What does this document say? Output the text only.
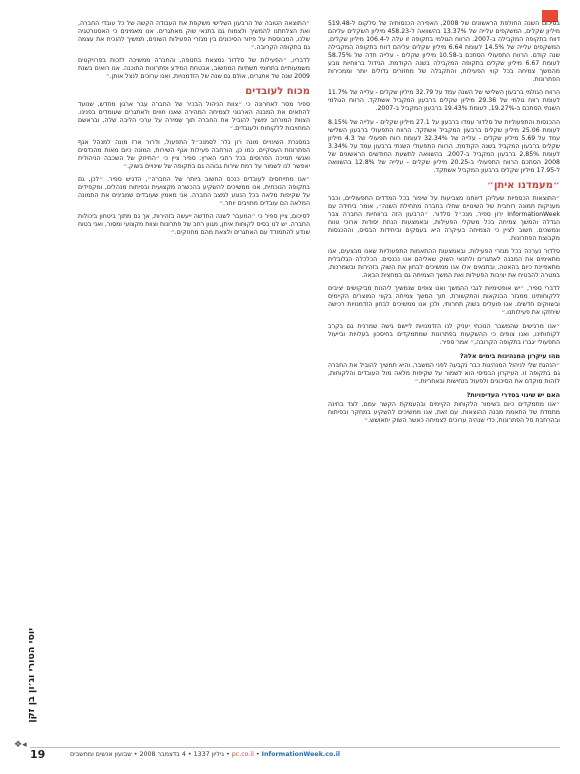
בסיכום השנה החולפת הראשונים של 2008, האפירה הכנסותיה של סלקום ל-519.48 מיליון שקלים, המשקפים עלייה של 13.37% בהשוואה ל-458.23 מיליון השקלים עליהם דווח בתקופה המקבילה ב-2007. הרווח הגולמי בתקופה זו עלה ל-106.4 מיליון שקלים, המשקפים עלייה של 14.5% לעומת 6.64 מיליון שקלים עליהם דווח בתקופה המקבילה שנה קודם. הרווח התפעולי הסתכם ב-10.58 מיליון שקלים - עלייה חדה של 58.75% לעומת 6.67 מיליון שקלים בתקופה המקבילה בשנה הקודמת. הגידול ברווחיות נובע מהמשך צמיחה בכל קווי הפעילות, והתקבלה של מחזורים גדולים יותר וממכירות הפתרונות.

הרווח הגולמי ברבעון השלישי של השנה עמד על 32.79 מיליון שקלים - עלייה של 11.7% לעומת רווח גולמי של 29.36 מיליון שקלים ברבעון המקביל אשתקד. הרווח הגולמי השנתי הסתכם ב-19.27%, לעומת 19.43% ברבעון המקביל ב-2007.

ההכנסות והתפעוליות של סלדור עמדו ברבעון על 27.1 מיליון שקלים - עלייה של 8.15% לעומת 25.06 מיליון שקלים ברבעון המקביל אשתקד. הרווח התפעולי ברבעון השלישי עמד על 5.69 מיליון שקלים - עלייה של 32.34% לעומת רווח תפעולי של 4.3 מיליון שקלים ברבעון המקביל בשנה הקודמת. הרווח התפעולי השנתי ברבעון עמד על 3.34% לעומת 2.85% ברבעון המקביל ב-2007. בהשוואה לתשעת החודשים הראשונים של 2008 הסתכם הרווח התפעולי ב-20.25 מיליון שקלים - עלייה של 12.8% בהשוואה ל-17.95 מיליון שקלים ברבעון המקביל אשתקד.

״מעמדנו איתן״

״התוצאות הכספיות שעליהן דיווחנו מצביעות על שיפור בכל המדדים התפעוליים, וכבר מעניקות תמונה רוחבית של השינויים שחלו בחברה מתחילת השנה״, אומר ביחידה עם InformationWeek ירון ספיר, מנכ״ל סלדור. ״הרבעון הזה ברווחיות החברה צבר הגדלה והמשך צמיחה בכל משקלי הפעילות, ובאמצעות הנחת יסודות ארוכי טווח ונמשכים. חשוב לציין כי הצמיחה בעיקרה היא בעסקים וביחידות הבסיס, וההכנסות מקבוצת הפתרונות.

סלדור נערכה בכל מגזרי הפעילות, ובאמצעות ההתאמות התפעוליות שאנו מבצעים, אנו מתאימים את המבנה לאתגרים ולתנאי השוק שאליהם אנו נכנסים. הכלכלה הגלובלית מתאפיינת כיום בהאטה, ובתנאים אלו אנו ממשיכים לבחון את השוק בזהירות ובשמרנות, במטרה להבטיח את יציבות הפעילות ואת המשך הצמיחה גם במחצית הבאה.

לדברי ספיר, ״יש אופטימיות לגבי ההמשך ואנו צופים שנמשיך ליהנות מביקושים יציבים ללקוחותינו ממגזר הבנקאות והתקשורת, תוך המשך צמיחה בקווי המוצרים הקיימים ובשווקים חדשים. אנו פועלים בשוק תחרותי, ולכן אנו ממשיכים לבחון הזדמנויות רכישה שיחזקו את פעילותנו.״

״אנו מרגישים שהמשבר הנוכחי יעניק לנו הזדמנויות ליישם גישה שמרנית גם בקרב לקוחותינו, ואנו צופים כי ההשקעות בפתרונות שמתמקדים בחיסכון בעלויות ובייעול התפעולי יגברו בתקופה הקרובה,״ אמר ספיר.

מהו עיקרון המנהיגות בימים אלה?

״הנהגת שלי לניהול המנהיגות כבר נקבעה לפני המשבר, והיא תמשיך להוביל את החברה גם בתקופה זו. העיקרון הבסיסי הוא לשמור על שקיפות מלאה מול העובדים והלקוחות, לזהות מוקדם את הסיכונים ולפעול בנחישות ובאחריות.״

האם יש שינוי בסדרי העדיפויות?

״אנו מתמקדים כיום בשימור הלקוחות הקיימים ובהעמקת הקשר עמם, לצד בחינה מתמדת של התאמת מבנה ההוצאות. עם זאת, אנו ממשיכים להשקיע במחקר ובפיתוח ובהרחבת סל הפתרונות, כדי שנהיה ערוכים לצמיחה כאשר השוק יתאושש.״

״התוצאה הטובה של הרבעון השלישי משקפת את העבודה הקשה של כל עובדי החברה, ואת הצלחתנו להמשיך ולצמוח גם בתנאי שוק מאתגרים. אנו מאמינים כי האסטרטגיה שלנו, המבוססת על פיזור הסיכונים בין מגזרי הפעילות השונים, תמשיך להוכיח את עצמה גם בתקופה הקרובה.״

לדבריו, ״הפעילות של סלדור נמצאת בתנופה, והחברה ממשיכה לזכות בפרויקטים משמעותיים בתחומי תשתיות המחשוב, אבטחת המידע ופתרונות התוכנה. אנו רואים בשנת 2009 שנה של אתגרים, אולם גם שנה של הזדמנויות, ואנו ערוכים לנצל אותן.״

מכוח לעובדים

ספיר מסר לאחרונה כי ״צוות הניהול הבכיר של החברה עבר ארגון מחדש, שנועד להתאים את המבנה הארגוני לצמיחה המהירה שאנו חווים ולאתגרים שעומדים בפנינו. הצוות המורחב ימשיך להוביל את החברה תוך שמירה על ערכי הליבה שלה, ובראשם המחויבות ללקוחות ולעובדים.״

במסגרת השינויים מונה רון גלר לסמנכ״ל התפעול, ודרור ארז מונה למנהל אגף הפתרונות העסקיים. כמו כן, הורחבה פעילות אגף השירות, המונה כיום מאות מהנדסים ואנשי תמיכה הפרוסים בכל רחבי הארץ. ספיר ציין כי ״החיזוק של השכבה הניהולית יאפשר לנו לשמור על רמת שירות גבוהה גם בתקופה של שינויים בשוק.״

״אנו מתייחסים לעובדים כנכס החשוב ביותר של החברה״, הדגיש ספיר. ״לכן, גם בתקופה הנוכחית, אנו ממשיכים להשקיע בהכשרה מקצועית ובפיתוח מנהלים, ומקפידים על שקיפות מלאה בכל הנוגע למצב החברה. אני מאמין שעובדים שמבינים את התמונה המלאה הם עובדים מחויבים יותר.״

לסיכום, ציין ספיר כי ״המעבר לשנה החדשה ייעשה בזהירות, אך גם מתוך ביטחון ביכולות החברה. יש לנו בסיס לקוחות איתן, מגוון רחב של פתרונות וצוות מקצועי ומסור, ואני בטוח שנדע להתמודד עם האתגרים ולצאת מהם מחוזקים.״

יוסי הטורי וג׳ון בן זקן
◂❖
19	pc.co.il • InformationWeek.co.il • גיליון 1337 • 4 בדצמבר 2008 • שבועון אנשים ומחשבים
